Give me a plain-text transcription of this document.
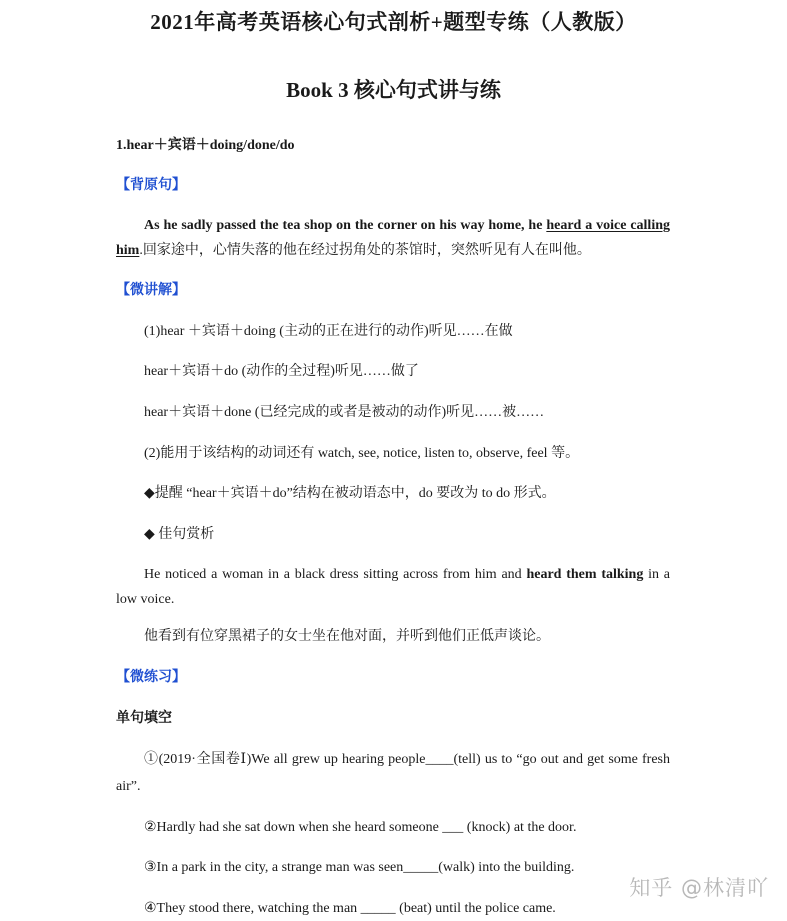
2021年高考英语核心句式剖析+题型专练（人教版）
Book 3 核心句式讲与练
1.hear＋宾语＋doing/done/do
【背原句】
As he sadly passed the tea shop on the corner on his way home, he heard a voice calling
him.回家途中，心情失落的他在经过拐角处的茶馆时，突然听见有人在叫他。
【微讲解】
(1)hear ＋宾语＋doing (主动的正在进行的动作)听见……在做
hear＋宾语＋do (动作的全过程)听见……做了
hear＋宾语＋done (已经完成的或者是被动的动作)听见……被……
(2)能用于该结构的动词还有 watch, see, notice, listen to, observe, feel 等。
◆提醒 “hear＋宾语＋do”结构在被动语态中，do 要改为 to do 形式。
◆ 佳句赏析
He noticed a woman in a black dress sitting across from him and heard them talking in a
low voice.
他看到有位穿黑裙子的女士坐在他对面，并听到他们正低声谈论。
【微练习】
单句填空
①(2019·全国卷Ⅰ)We all grew up hearing people____(tell) us to “go out and get some fresh
air”.
②Hardly had she sat down when she heard someone ___ (knock) at the door.
③In a park in the city, a strange man was seen_____(walk) into the building.
④They stood there, watching the man _____ (beat) until the police came.
知乎 @林清吖
